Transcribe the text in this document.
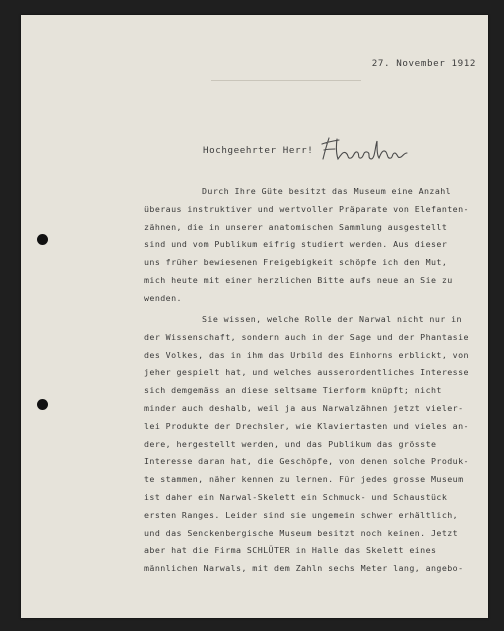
27. November 1912
Hochgeehrter Herr!
Durch Ihre Güte besitzt das Museum eine Anzahl
überaus instruktiver und wertvoller Präparate von Elefanten-
zähnen, die in unserer anatomischen Sammlung ausgestellt
sind und vom Publikum eifrig studiert werden. Aus dieser
uns früher bewiesenen Freigebigkeit schöpfe ich den Mut,
mich heute mit einer herzlichen Bitte aufs neue an Sie zu
wenden.
Sie wissen, welche Rolle der Narwal nicht nur in
der Wissenschaft, sondern auch in der Sage und der Phantasie
des Volkes, das in ihm das Urbild des Einhorns erblickt, von
jeher gespielt hat, und welches ausserordentliches Interesse
sich demgemäss an diese seltsame Tierform knüpft; nicht
minder auch deshalb, weil ja aus Narwalzähnen jetzt vieler-
lei Produkte der Drechsler, wie Klaviertasten und vieles an-
dere, hergestellt werden, und das Publikum das grösste
Interesse daran hat, die Geschöpfe, von denen solche Produk-
te stammen, näher kennen zu lernen. Für jedes grosse Museum
ist daher ein Narwal-Skelett ein Schmuck- und Schaustück
ersten Ranges. Leider sind sie ungemein schwer erhältlich,
und das Senckenbergische Museum besitzt noch keinen. Jetzt
aber hat die Firma SCHLÜTER in Halle das Skelett eines
männlichen Narwals, mit dem Zahln sechs Meter lang, angebo-
